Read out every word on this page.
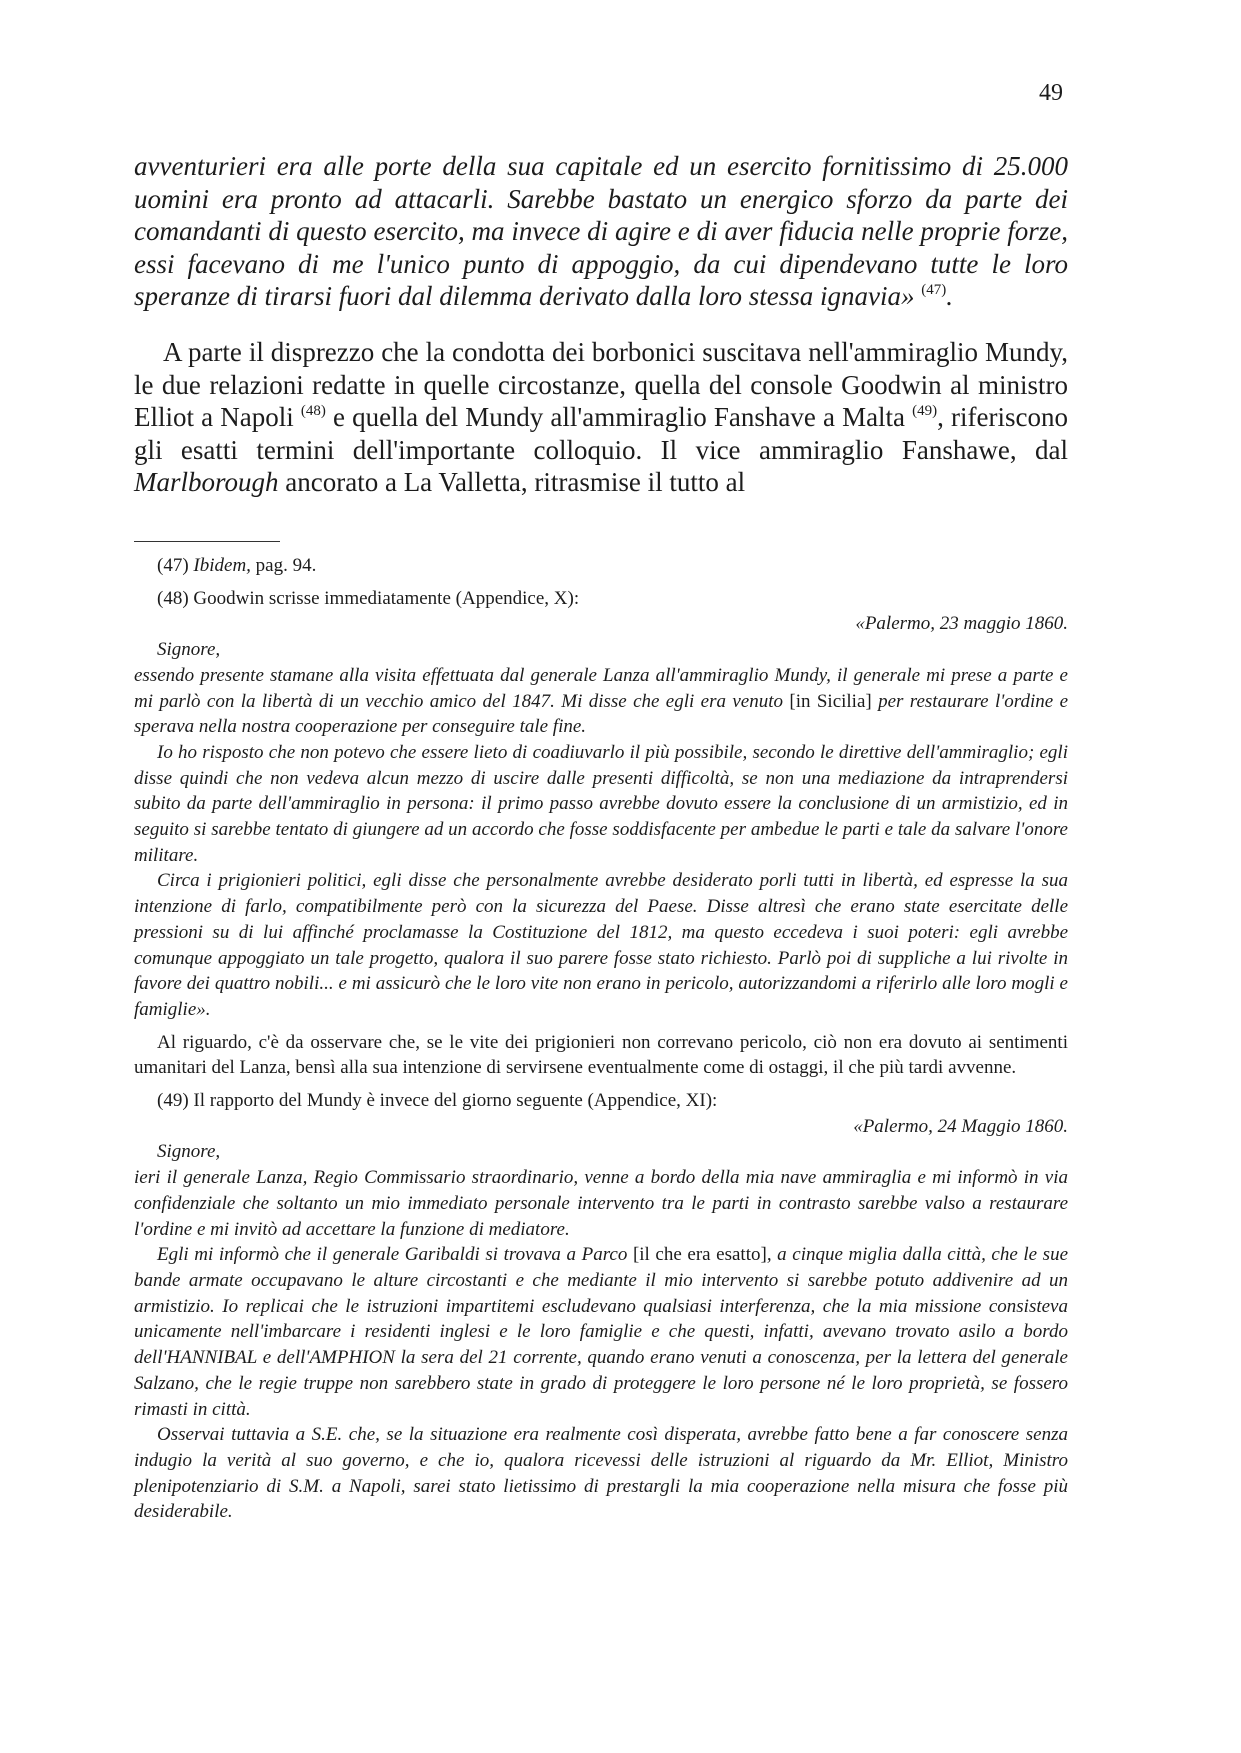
49

avventurieri era alle porte della sua capitale ed un esercito fornitissimo di 25.000 uomini era pronto ad attacarli. Sarebbe bastato un energico sforzo da parte dei comandanti di questo esercito, ma invece di agire e di aver fiducia nelle proprie forze, essi facevano di me l'unico punto di appoggio, da cui dipendevano tutte le loro speranze di tirarsi fuori dal dilemma derivato dalla loro stessa ignavia» $^{(47)}$.

A parte il disprezzo che la condotta dei borbonici suscitava nell'ammiraglio Mundy, le due relazioni redatte in quelle circostanze, quella del console Goodwin al ministro Elliot a Napoli $^{(48)}$ e quella del Mundy all'ammiraglio Fanshave a Malta $^{(49)}$, riferiscono gli esatti termini dell'importante colloquio. Il vice ammiraglio Fanshawe, dal Marlborough ancorato a La Valletta, ritrasmise il tutto al

(47) Ibidem, pag. 94.

(48) Goodwin scrisse immediatamente (Appendice, X):

«Palermo, 23 maggio 1860.

Signore,

essendo presente stamane alla visita effettuata dal generale Lanza all'ammiraglio Mundy, il generale mi prese a parte e mi parlò con la libertà di un vecchio amico del 1847. Mi disse che egli era venuto [in Sicilia] per restaurare l'ordine e sperava nella nostra cooperazione per conseguire tale fine.

Io ho risposto che non potevo che essere lieto di coadiuvarlo il più possibile, secondo le direttive dell'ammiraglio; egli disse quindi che non vedeva alcun mezzo di uscire dalle presenti difficoltà, se non una mediazione da intraprendersi subito da parte dell'ammiraglio in persona: il primo passo avrebbe dovuto essere la conclusione di un armistizio, ed in seguito si sarebbe tentato di giungere ad un accordo che fosse soddisfacente per ambedue le parti e tale da salvare l'onore militare.

Circa i prigionieri politici, egli disse che personalmente avrebbe desiderato porli tutti in libertà, ed espresse la sua intenzione di farlo, compatibilmente però con la sicurezza del Paese. Disse altresì che erano state esercitate delle pressioni su di lui affinché proclamasse la Costituzione del 1812, ma questo eccedeva i suoi poteri: egli avrebbe comunque appoggiato un tale progetto, qualora il suo parere fosse stato richiesto. Parlò poi di suppliche a lui rivolte in favore dei quattro nobili... e mi assicurò che le loro vite non erano in pericolo, autorizzandomi a riferirlo alle loro mogli e famiglie».

Al riguardo, c'è da osservare che, se le vite dei prigionieri non correvano pericolo, ciò non era dovuto ai sentimenti umanitari del Lanza, bensì alla sua intenzione di servirsene eventualmente come di ostaggi, il che più tardi avvenne.

(49) Il rapporto del Mundy è invece del giorno seguente (Appendice, XI):

«Palermo, 24 Maggio 1860.

Signore,

ieri il generale Lanza, Regio Commissario straordinario, venne a bordo della mia nave ammiraglia e mi informò in via confidenziale che soltanto un mio immediato personale intervento tra le parti in contrasto sarebbe valso a restaurare l'ordine e mi invitò ad accettare la funzione di mediatore.

Egli mi informò che il generale Garibaldi si trovava a Parco [il che era esatto], a cinque miglia dalla città, che le sue bande armate occupavano le alture circostanti e che mediante il mio intervento si sarebbe potuto addivenire ad un armistizio. Io replicai che le istruzioni impartitemi escludevano qualsiasi interferenza, che la mia missione consisteva unicamente nell'imbarcare i residenti inglesi e le loro famiglie e che questi, infatti, avevano trovato asilo a bordo dell'HANNIBAL e dell'AMPHION la sera del 21 corrente, quando erano venuti a conoscenza, per la lettera del generale Salzano, che le regie truppe non sarebbero state in grado di proteggere le loro persone né le loro proprietà, se fossero rimasti in città.

Osservai tuttavia a S.E. che, se la situazione era realmente così disperata, avrebbe fatto bene a far conoscere senza indugio la verità al suo governo, e che io, qualora ricevessi delle istruzioni al riguardo da Mr. Elliot, Ministro plenipotenziario di S.M. a Napoli, sarei stato lietissimo di prestargli la mia cooperazione nella misura che fosse più desiderabile.
